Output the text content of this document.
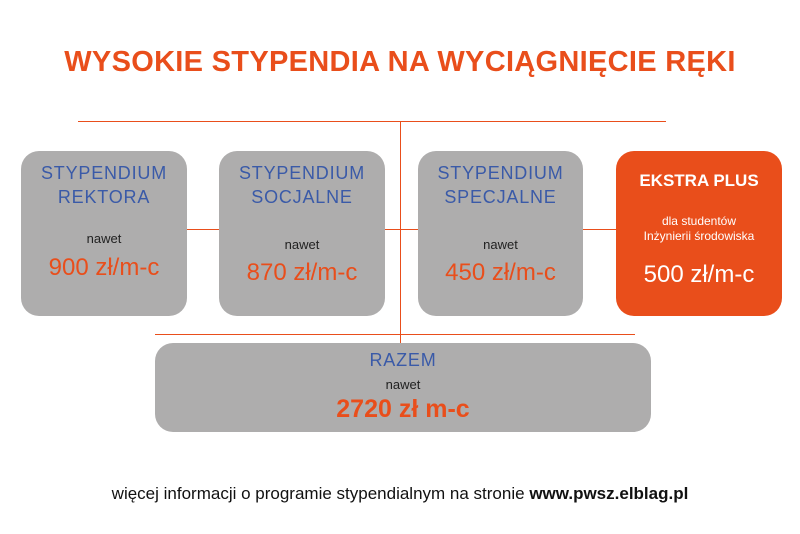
WYSOKIE STYPENDIA NA WYCIĄGNIĘCIE RĘKI
STYPENDIUM
REKTORA
nawet
900 zł/m-c
STYPENDIUM
SOCJALNE
nawet
870 zł/m-c
STYPENDIUM
SPECJALNE
nawet
450 zł/m-c
EKSTRA PLUS
dla studentów
Inżynierii środowiska
500 zł/m-c
RAZEM
nawet
2720 zł m-c
więcej informacji o programie stypendialnym na stronie www.pwsz.elblag.pl
